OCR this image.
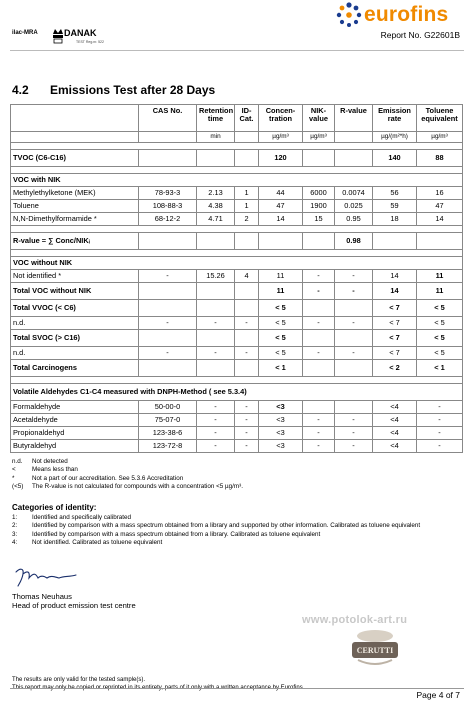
eurofins
Report No. G22601B
ilac-MRA	DANAK
TEST Reg.nr. 522
4.2 Emissions Test after 28 Days
	CAS No.	Retention time	ID-Cat.	Concen-tration	NIK-value	R-value	Emission rate	Toluene equivalent
		min		µg/m³	µg/m³		µg/(m²*h)	µg/m³

TVOC (C6-C16)				120			140	88

VOC with NIK								
Methylethylketone (MEK)	78-93-3	2.13	1	44	6000	0.0074	56	16
Toluene	108-88-3	4.38	1	47	1900	0.025	59	47
N,N-Dimethylformamide *	68-12-2	4.71	2	14	15	0.95	18	14

R-value = ∑ Conc/NIKᵢ						0.98		

VOC without NIK								
Not identified *	-	15.26	4	11	-	-	14	11
Total VOC without NIK				11	-	-	14	11
Total VVOC (< C6)				< 5			< 7	< 5
n.d.	-	-	-	< 5	-	-	< 7	< 5
Total SVOC (> C16)				< 5			< 7	< 5
n.d.	-	-	-	< 5	-	-	< 7	< 5
Total Carcinogens				< 1			< 2	< 1

Volatile Aldehydes C1-C4 measured with DNPH-Method ( see 5.3.4)								
Formaldehyde	50-00-0	-	-	<3			<4	-
Acetaldehyde	75-07-0	-	-	<3	-	-	<4	-
Propionaldehyd	123-38-6	-	-	<3	-	-	<4	-
Butyraldehyd	123-72-8	-	-	<3	-	-	<4	-
n.d. Not detected
<	Means less than
*	Not a part of our accreditation. See 5.3.6 Accreditation
(<5) The R-value is not calculated for compounds with a concentration <5 µg/m³.
Categories of identity:
1:	Identified and specifically calibrated
2:	Identified by comparison with a mass spectrum obtained from a library and supported by other information. Calibrated as toluene equivalent
3:	Identified by comparison with a mass spectrum obtained from a library. Calibrated as toluene equivalent
4:	Not identified. Calibrated as toluene equivalent
Thomas Neuhaus
Head of product emission test centre
www.potolok-art.ru
CERUTTI
The results are only valid for the tested sample(s).
This report may only be copied or reprinted in its entirety, parts of it only with a written acceptance by Eurofins.
Page 4 of 7
